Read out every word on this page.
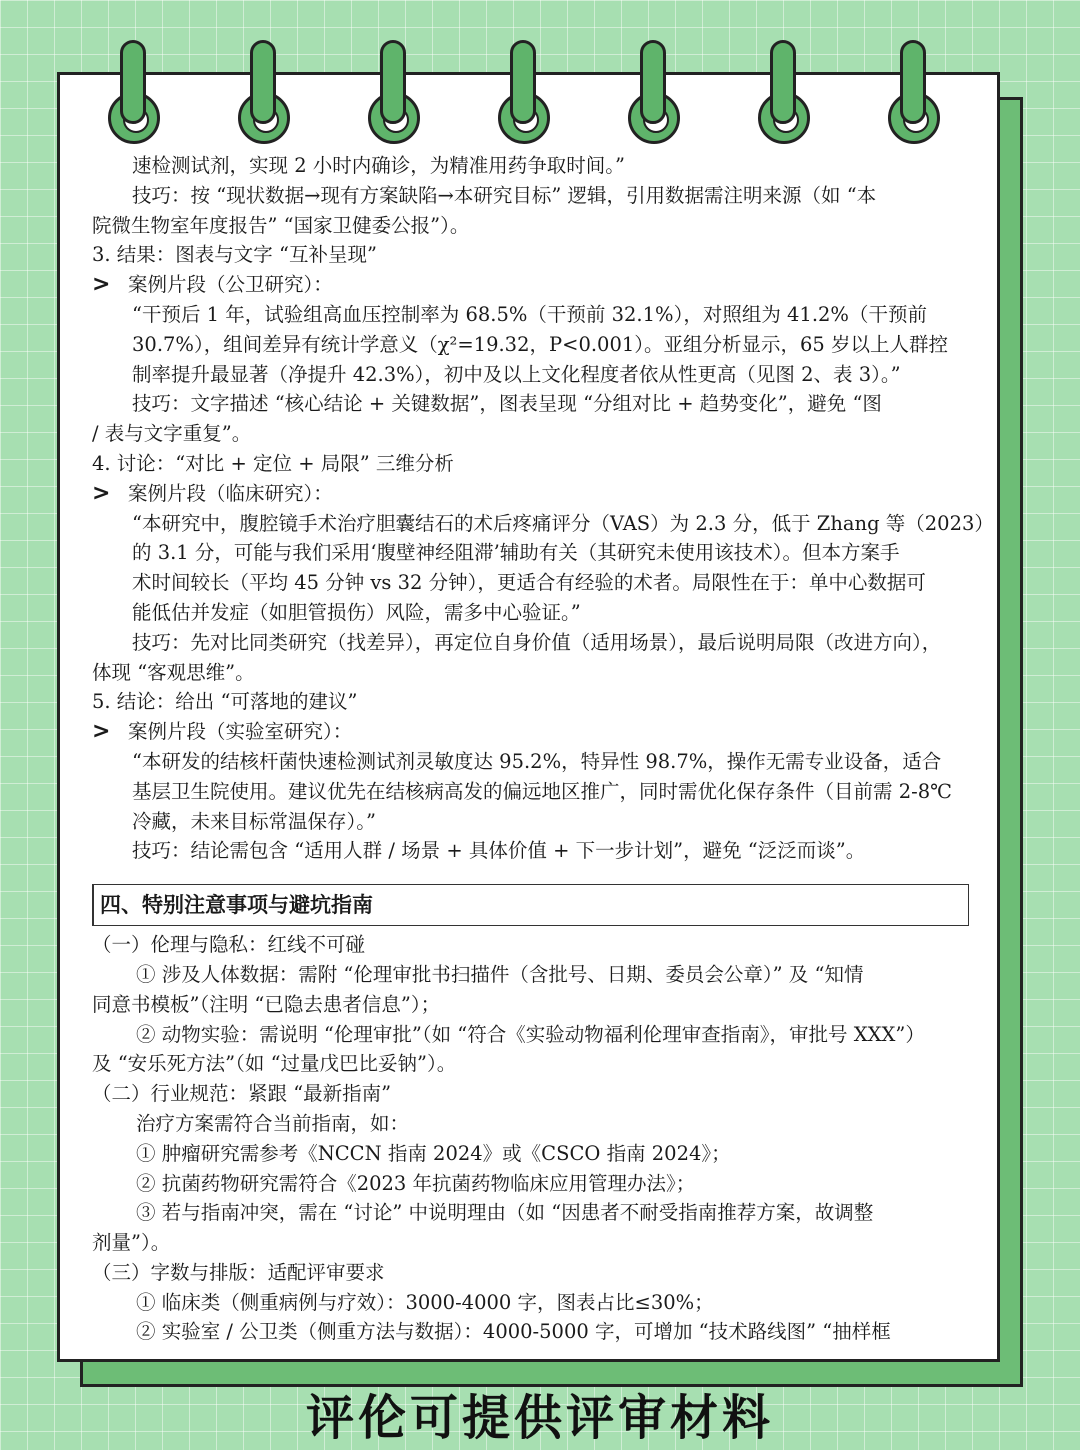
速检测试剂，实现 2 小时内确诊，为精准用药争取时间。”
技巧：按 “现状数据→现有方案缺陷→本研究目标” 逻辑，引用数据需注明来源（如 “本
院微生物室年度报告” “国家卫健委公报”）。
3. 结果：图表与文字 “互补呈现”
> 案例片段（公卫研究）：
“干预后 1 年，试验组高血压控制率为 68.5%（干预前 32.1%），对照组为 41.2%（干预前
30.7%），组间差异有统计学意义（χ²=19.32，P<0.001）。亚组分析显示，65 岁以上人群控
制率提升最显著（净提升 42.3%），初中及以上文化程度者依从性更高（见图 2、表 3）。”
技巧：文字描述 “核心结论 + 关键数据”，图表呈现 “分组对比 + 趋势变化”，避免 “图
/ 表与文字重复”。
4. 讨论：“对比 + 定位 + 局限” 三维分析
> 案例片段（临床研究）：
“本研究中，腹腔镜手术治疗胆囊结石的术后疼痛评分（VAS）为 2.3 分，低于 Zhang 等（2023）
的 3.1 分，可能与我们采用‘腹壁神经阻滞’辅助有关（其研究未使用该技术）。但本方案手
术时间较长（平均 45 分钟 vs 32 分钟），更适合有经验的术者。局限性在于：单中心数据可
能低估并发症（如胆管损伤）风险，需多中心验证。”
技巧：先对比同类研究（找差异），再定位自身价值（适用场景），最后说明局限（改进方向），
体现 “客观思维”。
5. 结论：给出 “可落地的建议”
> 案例片段（实验室研究）：
“本研发的结核杆菌快速检测试剂灵敏度达 95.2%，特异性 98.7%，操作无需专业设备，适合
基层卫生院使用。建议优先在结核病高发的偏远地区推广，同时需优化保存条件（目前需 2-8℃
冷藏，未来目标常温保存）。”
技巧：结论需包含 “适用人群 / 场景 + 具体价值 + 下一步计划”，避免 “泛泛而谈”。
四、特别注意事项与避坑指南
（一）伦理与隐私：红线不可碰
① 涉及人体数据：需附 “伦理审批书扫描件（含批号、日期、委员会公章）” 及 “知情
同意书模板”（注明 “已隐去患者信息”）；
② 动物实验：需说明 “伦理审批”（如 “符合《实验动物福利伦理审查指南》，审批号 XXX”）
及 “安乐死方法”（如 “过量戊巴比妥钠”）。
（二）行业规范：紧跟 “最新指南”
治疗方案需符合当前指南，如：
① 肿瘤研究需参考《NCCN 指南 2024》或《CSCO 指南 2024》；
② 抗菌药物研究需符合《2023 年抗菌药物临床应用管理办法》；
③ 若与指南冲突，需在 “讨论” 中说明理由（如 “因患者不耐受指南推荐方案，故调整
剂量”）。
（三）字数与排版：适配评审要求
① 临床类（侧重病例与疗效）：3000-4000 字，图表占比≤30%；
② 实验室 / 公卫类（侧重方法与数据）：4000-5000 字，可增加 “技术路线图” “抽样框
评伦可提供评审材料
